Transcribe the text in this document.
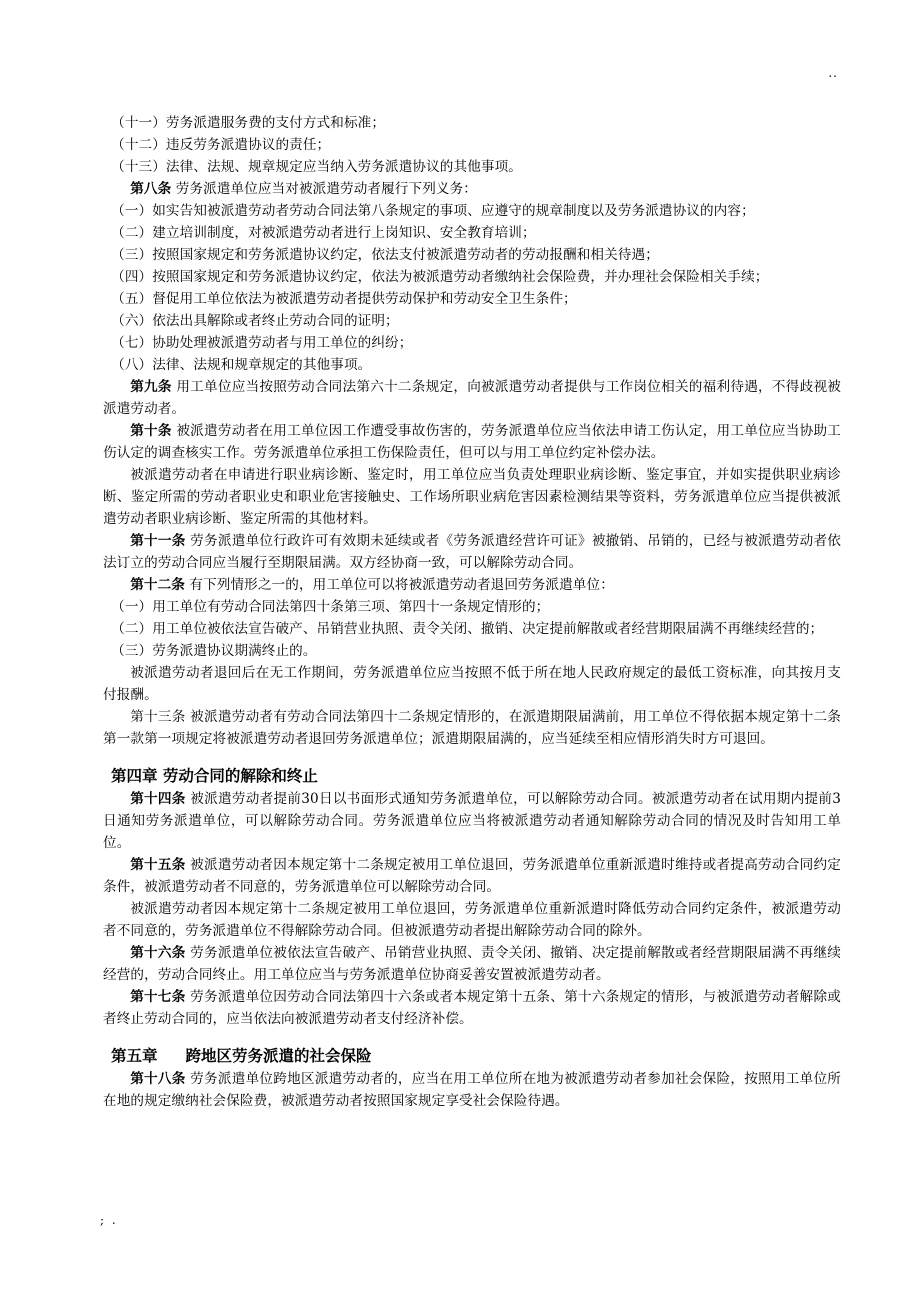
..

（十一）劳务派遣服务费的支付方式和标准；

（十二）违反劳务派遣协议的责任；

（十三）法律、法规、规章规定应当纳入劳务派遣协议的其他事项。

第八条 劳务派遣单位应当对被派遣劳动者履行下列义务：

（一）如实告知被派遣劳动者劳动合同法第八条规定的事项、应遵守的规章制度以及劳务派遣协议的内容；

（二）建立培训制度，对被派遣劳动者进行上岗知识、安全教育培训；

（三）按照国家规定和劳务派遣协议约定，依法支付被派遣劳动者的劳动报酬和相关待遇；

（四）按照国家规定和劳务派遣协议约定，依法为被派遣劳动者缴纳社会保险费，并办理社会保险相关手续；

（五）督促用工单位依法为被派遣劳动者提供劳动保护和劳动安全卫生条件；

（六）依法出具解除或者终止劳动合同的证明；

（七）协助处理被派遣劳动者与用工单位的纠纷；

（八）法律、法规和规章规定的其他事项。

第九条 用工单位应当按照劳动合同法第六十二条规定，向被派遣劳动者提供与工作岗位相关的福利待遇，不得歧视被派遣劳动者。

第十条 被派遣劳动者在用工单位因工作遭受事故伤害的，劳务派遣单位应当依法申请工伤认定，用工单位应当协助工伤认定的调查核实工作。劳务派遣单位承担工伤保险责任，但可以与用工单位约定补偿办法。

被派遣劳动者在申请进行职业病诊断、鉴定时，用工单位应当负责处理职业病诊断、鉴定事宜，并如实提供职业病诊断、鉴定所需的劳动者职业史和职业危害接触史、工作场所职业病危害因素检测结果等资料，劳务派遣单位应当提供被派遣劳动者职业病诊断、鉴定所需的其他材料。

第十一条 劳务派遣单位行政许可有效期未延续或者《劳务派遣经营许可证》被撤销、吊销的，已经与被派遣劳动者依法订立的劳动合同应当履行至期限届满。双方经协商一致，可以解除劳动合同。

第十二条 有下列情形之一的，用工单位可以将被派遣劳动者退回劳务派遣单位：

（一）用工单位有劳动合同法第四十条第三项、第四十一条规定情形的；

（二）用工单位被依法宣告破产、吊销营业执照、责令关闭、撤销、决定提前解散或者经营期限届满不再继续经营的；

（三）劳务派遣协议期满终止的。

被派遣劳动者退回后在无工作期间，劳务派遣单位应当按照不低于所在地人民政府规定的最低工资标准，向其按月支付报酬。

第十三条 被派遣劳动者有劳动合同法第四十二条规定情形的，在派遣期限届满前，用工单位不得依据本规定第十二条第一款第一项规定将被派遣劳动者退回劳务派遣单位；派遣期限届满的，应当延续至相应情形消失时方可退回。

第四章 劳动合同的解除和终止

第十四条 被派遣劳动者提前30日以书面形式通知劳务派遣单位，可以解除劳动合同。被派遣劳动者在试用期内提前3日通知劳务派遣单位，可以解除劳动合同。劳务派遣单位应当将被派遣劳动者通知解除劳动合同的情况及时告知用工单位。

第十五条 被派遣劳动者因本规定第十二条规定被用工单位退回，劳务派遣单位重新派遣时维持或者提高劳动合同约定条件，被派遣劳动者不同意的，劳务派遣单位可以解除劳动合同。

被派遣劳动者因本规定第十二条规定被用工单位退回，劳务派遣单位重新派遣时降低劳动合同约定条件，被派遣劳动者不同意的，劳务派遣单位不得解除劳动合同。但被派遣劳动者提出解除劳动合同的除外。

第十六条 劳务派遣单位被依法宣告破产、吊销营业执照、责令关闭、撤销、决定提前解散或者经营期限届满不再继续经营的，劳动合同终止。用工单位应当与劳务派遣单位协商妥善安置被派遣劳动者。

第十七条 劳务派遣单位因劳动合同法第四十六条或者本规定第十五条、第十六条规定的情形，与被派遣劳动者解除或者终止劳动合同的，应当依法向被派遣劳动者支付经济补偿。

第五章 跨地区劳务派遣的社会保险

第十八条 劳务派遣单位跨地区派遣劳动者的，应当在用工单位所在地为被派遣劳动者参加社会保险，按照用工单位所在地的规定缴纳社会保险费，被派遣劳动者按照国家规定享受社会保险待遇。

; .
